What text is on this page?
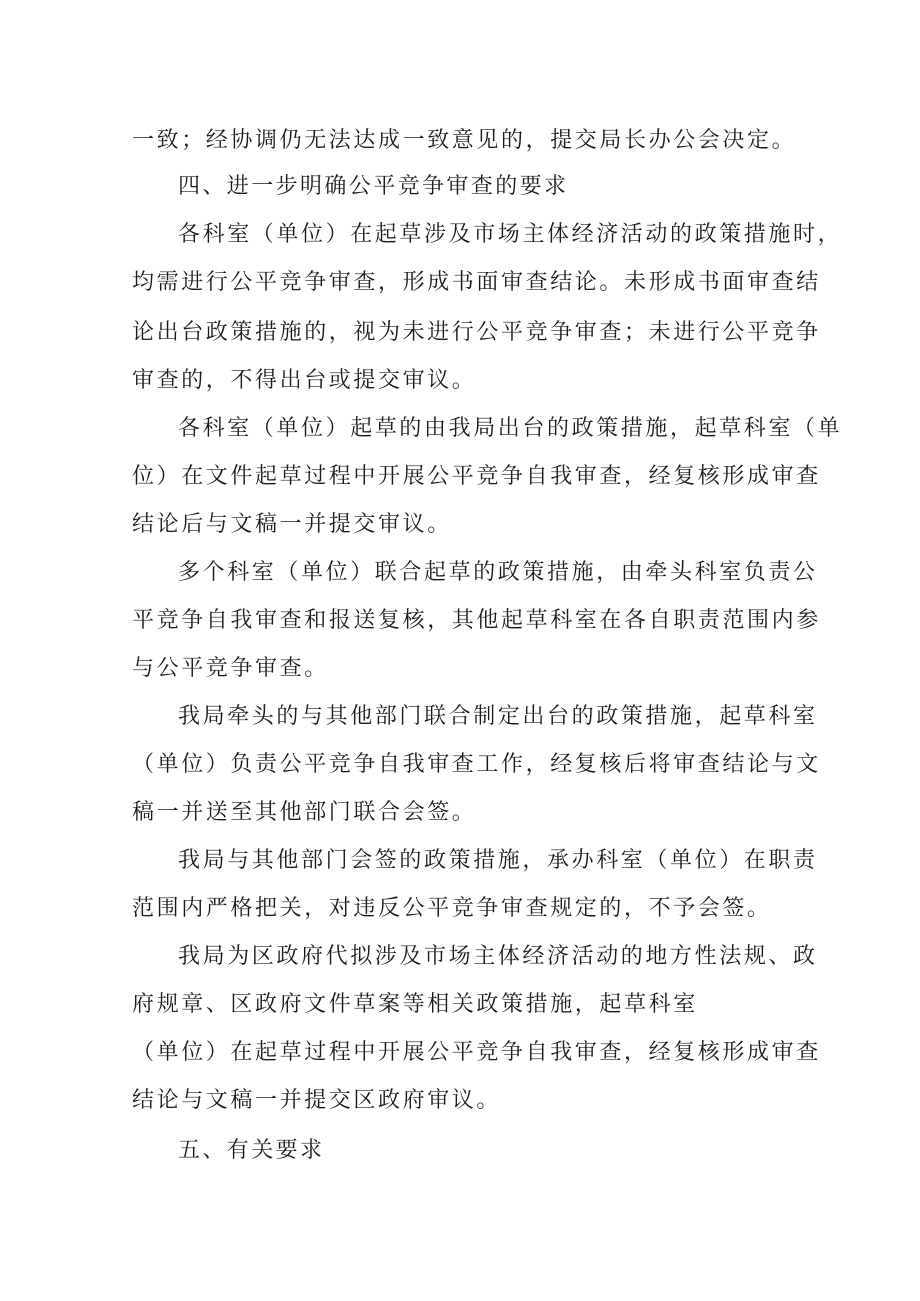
一致；经协调仍无法达成一致意见的，提交局长办公会决定。
四、进一步明确公平竞争审查的要求
各科室（单位）在起草涉及市场主体经济活动的政策措施时，
均需进行公平竞争审查，形成书面审查结论。未形成书面审查结
论出台政策措施的，视为未进行公平竞争审查；未进行公平竞争
审查的，不得出台或提交审议。
各科室（单位）起草的由我局出台的政策措施，起草科室（单
位）在文件起草过程中开展公平竞争自我审查，经复核形成审查
结论后与文稿一并提交审议。
多个科室（单位）联合起草的政策措施，由牵头科室负责公
平竞争自我审查和报送复核，其他起草科室在各自职责范围内参
与公平竞争审查。
我局牵头的与其他部门联合制定出台的政策措施，起草科室
（单位）负责公平竞争自我审查工作，经复核后将审查结论与文
稿一并送至其他部门联合会签。
我局与其他部门会签的政策措施，承办科室（单位）在职责
范围内严格把关，对违反公平竞争审查规定的，不予会签。
我局为区政府代拟涉及市场主体经济活动的地方性法规、政
府规章、区政府文件草案等相关政策措施，起草科室
（单位）在起草过程中开展公平竞争自我审查，经复核形成审查
结论与文稿一并提交区政府审议。
五、有关要求
